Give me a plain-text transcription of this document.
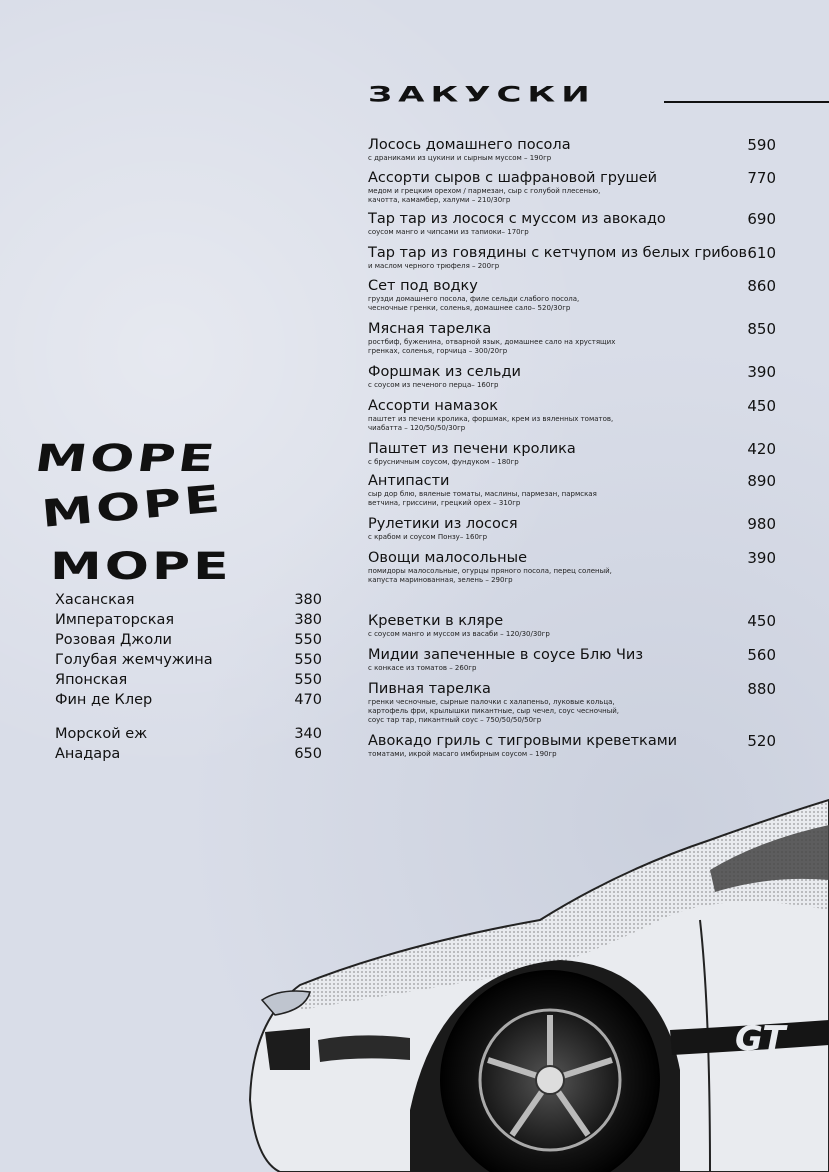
ЗАКУСКИ
Лосось домашнего посола	590
с драниками из цукини и сырным муссом – 190гр
Ассорти сыров с шафрановой грушей	770
медом и грецким орехом / пармезан, сыр с голубой плесенью,
качотта, камамбер, халуми – 210/30гр
Тар тар из лосося с муссом из авокадо	690
соусом манго и чипсами из тапиоки– 170гр
Тар тар из говядины с кетчупом из белых грибов 610
и маслом черного трюфеля – 200гр
Сет под водку	860
грузди домашнего посола, филе сельди слабого посола,
чесночные гренки, соленья, домашнее сало– 520/30гр
Мясная тарелка	850
ростбиф, буженина, отварной язык, домашнее сало на хрустящих
гренках, соленья, горчица – 300/20гр
Форшмак из сельди	390
с соусом из печеного перца– 160гр
Ассорти намазок	450
паштет из печени кролика, форшмак, крем из вяленных томатов,
чиабатта – 120/50/50/30гр
Паштет из печени кролика	420
с брусничным соусом, фундуком – 180гр
Антипасти	890
сыр дор блю, вяленые томаты, маслины, пармезан, пармская
ветчина, гриссини, грецкий орех – 310гр
Рулетики из лосося	980
с крабом и соусом Понзу– 160гр
Овощи малосольные	390
помидоры малосольные, огурцы пряного посола, перец соленый,
капуста маринованная, зелень – 290гр
Креветки в кляре	450
с соусом манго и муссом из васаби – 120/30/30гр
Мидии запеченные в соусе Блю Чиз	560
с конкасе из томатов – 260гр
Пивная тарелка	880
гренки чесночные, сырные палочки с халапеньо, луковые кольца,
картофель фри, крылышки пикантные, сыр чечел, соус чесночный,
соус тар тар, пикантный соус – 750/50/50/50гр
Авокадо гриль с тигровыми креветками	520
томатами, икрой масаго имбирным соусом – 190гр
МОРЕ
МОРЕ
МОРЕ
Хасанская	380
Императорская	380
Розовая Джоли	550
Голубая жемчужина	550
Японская	550
Фин де Клер	470
Морской еж	340
Анадара	650
GT
